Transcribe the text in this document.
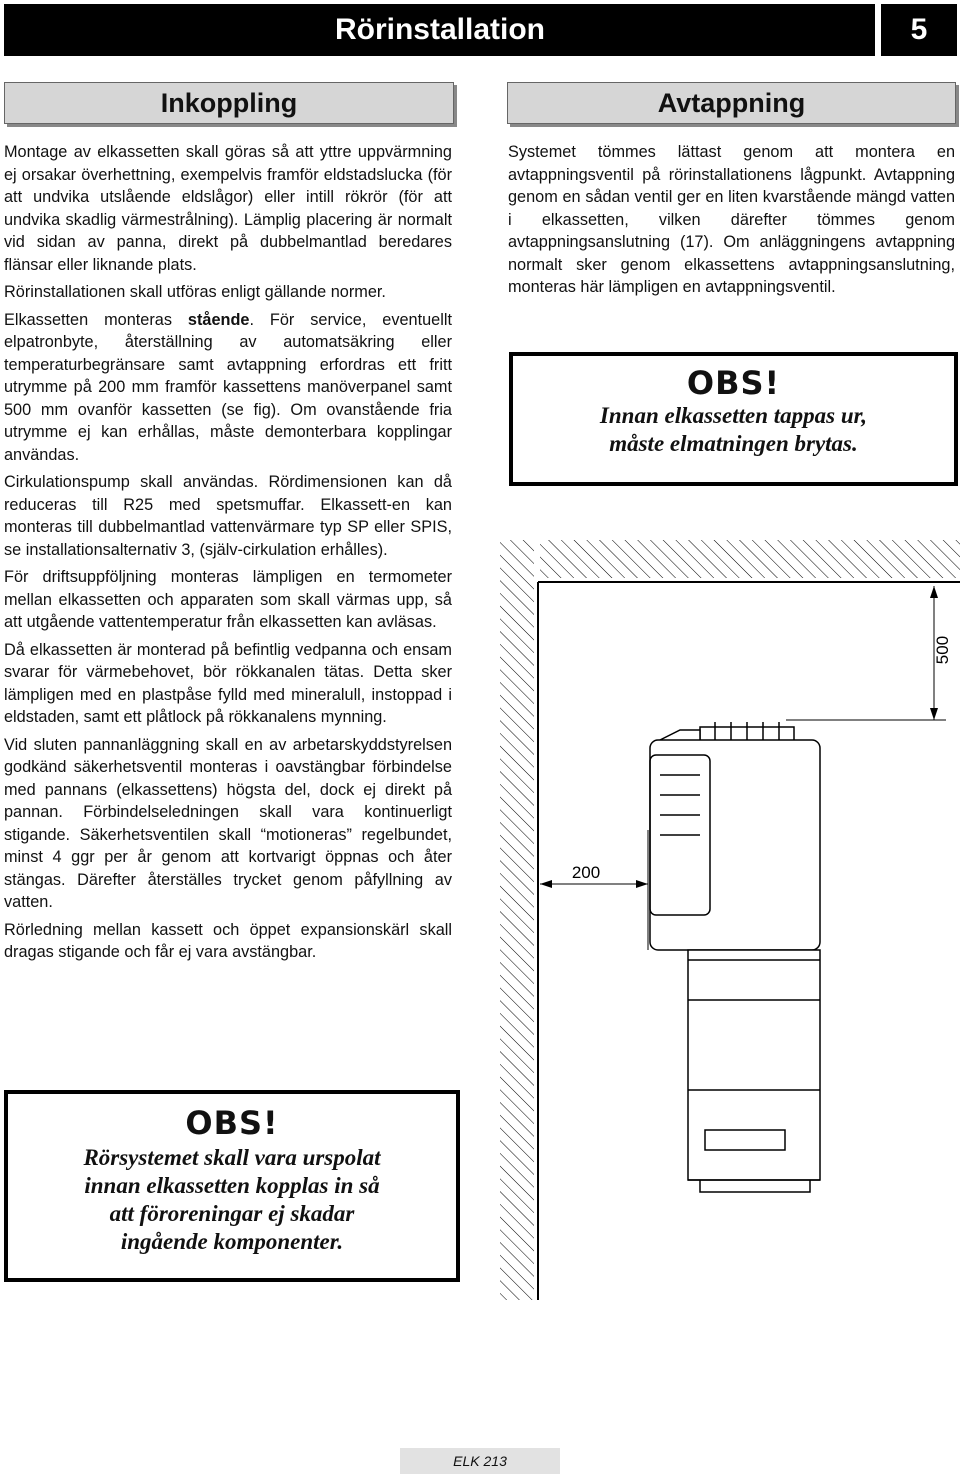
Rörinstallation	5
Inkoppling

Montage av elkassetten skall göras så att yttre uppvärmning ej orsakar överhettning, exempelvis framför eldstadslucka (för att undvika utslående eldslågor) eller intill rökrör (för att undvika skadlig värmestrålning). Lämplig placering är normalt vid sidan av panna, direkt på dubbelmantlad beredares flänsar eller liknande plats.

Rörinstallationen skall utföras enligt gällande normer.

Elkassetten monteras stående. För service, eventuellt elpatronbyte, återställning av automatsäkring eller temperaturbegränsare samt avtappning erfordras ett fritt utrymme på 200 mm framför kassettens manöverpanel samt 500 mm ovanför kassetten (se fig). Om ovanstående fria utrymme ej kan erhållas, måste demonterbara kopplingar användas.

Cirkulationspump skall användas. Rördimensionen kan då reduceras till R25 med spetsmuffar. Elkassett-en kan monteras till dubbelmantlad vattenvärmare typ SP eller SPIS, se installationsalternativ 3, (själv-cirkulation erhålles).

För driftsuppföljning monteras lämpligen en termometer mellan elkassetten och apparaten som skall värmas upp, så att utgående vattentemperatur från elkassetten kan avläsas.

Då elkassetten är monterad på befintlig vedpanna och ensam svarar för värmebehovet, bör rökkanalen tätas. Detta sker lämpligen med en plastpåse fylld med mineralull, instoppad i eldstaden, samt ett plåtlock på rökkanalens mynning.

Vid sluten pannanläggning skall en av arbetarskyddstyrelsen godkänd säkerhetsventil monteras i oavstängbar förbindelse med pannans (elkassettens) högsta del, dock ej direkt på pannan. Förbindelseledningen skall vara kontinuerligt stigande. Säkerhetsventilen skall “motioneras” regelbundet, minst 4 ggr per år genom att kortvarigt öppnas och åter stängas. Därefter återställes trycket genom påfyllning av vatten.

Rörledning mellan kassett och öppet expansionskärl skall dragas stigande och får ej vara avstängbar.

Avtappning

Systemet tömmes lättast genom att montera en avtappningsventil på rörinstallationens lågpunkt. Avtappning genom en sådan ventil ger en liten kvarstående mängd vatten i elkassetten, vilken därefter tömmes genom avtappningsanslutning (17). Om anläggningens avtappning normalt sker genom elkassettens avtappningsanslutning, monteras här lämpligen en avtappningsventil.

OBS!
Innan elkassetten tappas ur,
måste elmatningen brytas.
OBS!
Rörsystemet skall vara urspolat
innan elkassetten kopplas in så
att föroreningar ej skadar
ingående komponenter.
500
200
ELK 213
